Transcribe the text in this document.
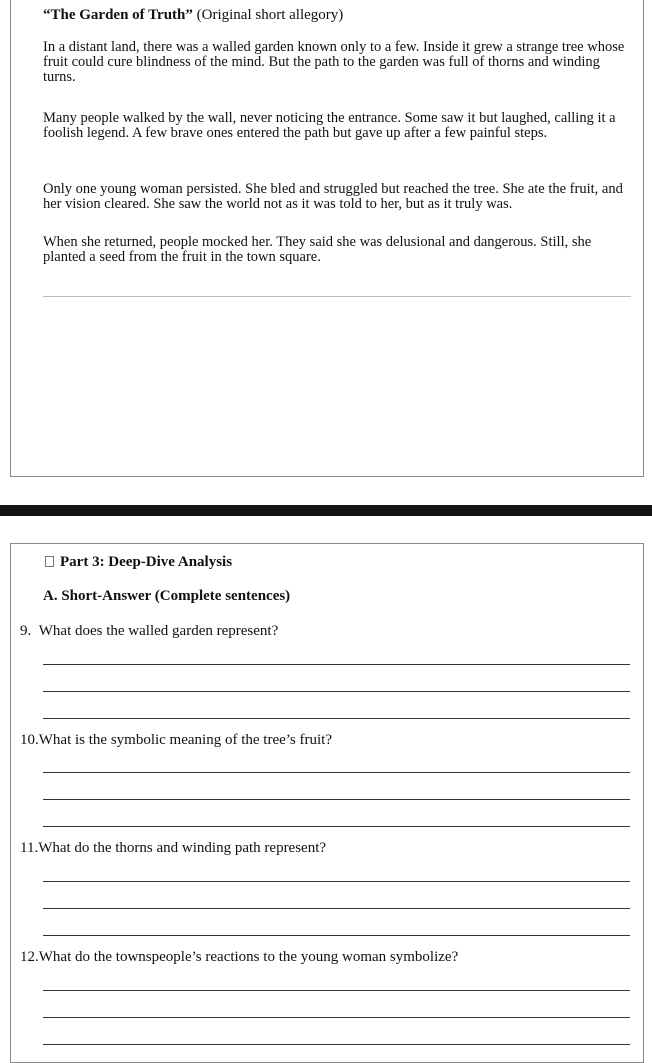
“The Garden of Truth” (Original short allegory)

In a distant land, there was a walled garden known only to a few. Inside it grew a strange tree whose fruit could cure blindness of the mind. But the path to the garden was full of thorns and winding turns.

Many people walked by the wall, never noticing the entrance. Some saw it but laughed, calling it a foolish legend. A few brave ones entered the path but gave up after a few painful steps.

Only one young woman persisted. She bled and struggled but reached the tree. She ate the fruit, and her vision cleared. She saw the world not as it was told to her, but as it truly was.

When she returned, people mocked her. They said she was delusional and dangerous. Still, she planted a seed from the fruit in the town square.

Part 3: Deep-Dive Analysis
A. Short-Answer (Complete sentences)
9. What does the walled garden represent?
10.What is the symbolic meaning of the tree’s fruit?
11.What do the thorns and winding path represent?
12.What do the townspeople’s reactions to the young woman symbolize?
